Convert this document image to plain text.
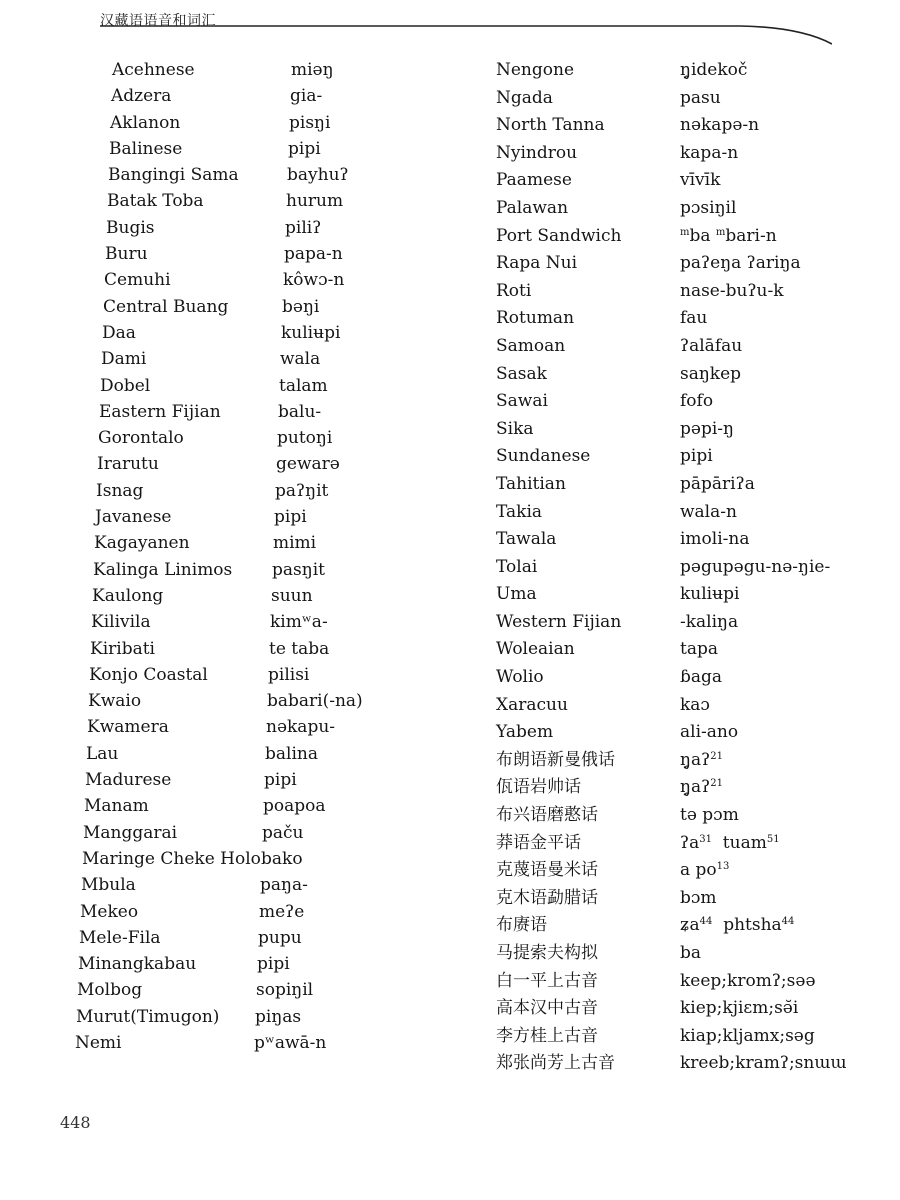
汉藏语语音和词汇
Acehnese
Adzera
Aklanon
Balinese
Bangingi Sama
Batak Toba
Bugis
Buru
Cemuhi
Central Buang
Daa
Dami
Dobel
Eastern Fijian
Gorontalo
Irarutu
Isnag
Javanese
Kagayanen
Kalinga Linimos
Kaulong
Kilivila
Kiribati
Konjo Coastal
Kwaio
Kwamera
Lau
Madurese
Manam
Manggarai
Maringe Cheke Holo
Mbula
Mekeo
Mele-Fila
Minangkabau
Molbog
Murut(Timugon)
Nemi
miəŋ
gia-
pisŋi
pipi
bayhuʔ
hurum
piliʔ
papa-n
kôwɔ-n
bəŋi
kuliʉpi
wala
talam
balu-
putoŋi
gewarə
paʔŋit
pipi
mimi
pasŋit
suun
kimʷa-
te taba
pilisi
babari(-na)
nəkapu-
balina
pipi
poapoa
paču
bako
paŋa-
meʔe
pupu
pipi
sopiŋil
piŋas
pʷawā-n
Nengone
Ngada
North Tanna
Nyindrou
Paamese
Palawan
Port Sandwich
Rapa Nui
Roti
Rotuman
Samoan
Sasak
Sawai
Sika
Sundanese
Tahitian
Takia
Tawala
Tolai
Uma
Western Fijian
Woleaian
Wolio
Xaracuu
Yabem
布朗语新曼俄话
佤语岩帅话
布兴语磨憨话
莽语金平话
克蔑语曼米话
克木语勐腊话
布赓语
马提索夫构拟
白一平上古音
高本汉中古音
李方桂上古音
郑张尚芳上古音
ŋ̥idekoč
pasu
nəkapə-n
kapa-n
vīvīk
pɔsiŋil
$^m$ba $^m$bari-n
paʔeŋa ʔariŋa
nase-buʔu-k
fau
ʔalāfau
saŋkep
fofo
pəpi-ŋ
pipi
pāpāriʔa
wala-n
imoli-na
pəgupəgu-nə-ŋie-
kuliʉpi
-kaliŋa
tapa
ɓaga
kaɔ
ali-ano
ŋ̥aʔ$^{21}$
ŋ̥aʔ$^{21}$
tə pɔm
ʔa$^{31}$  tuam$^{51}$
a $po^{13}$
bɔm
ʑa$^{44}$  phtsha$^{44}$
ba
keep;kromʔ;səə
kiep;kjiɛm;sǝ̆i
kiap;kljamx;səg
kreeb;kramʔ;snɯɯ
448
